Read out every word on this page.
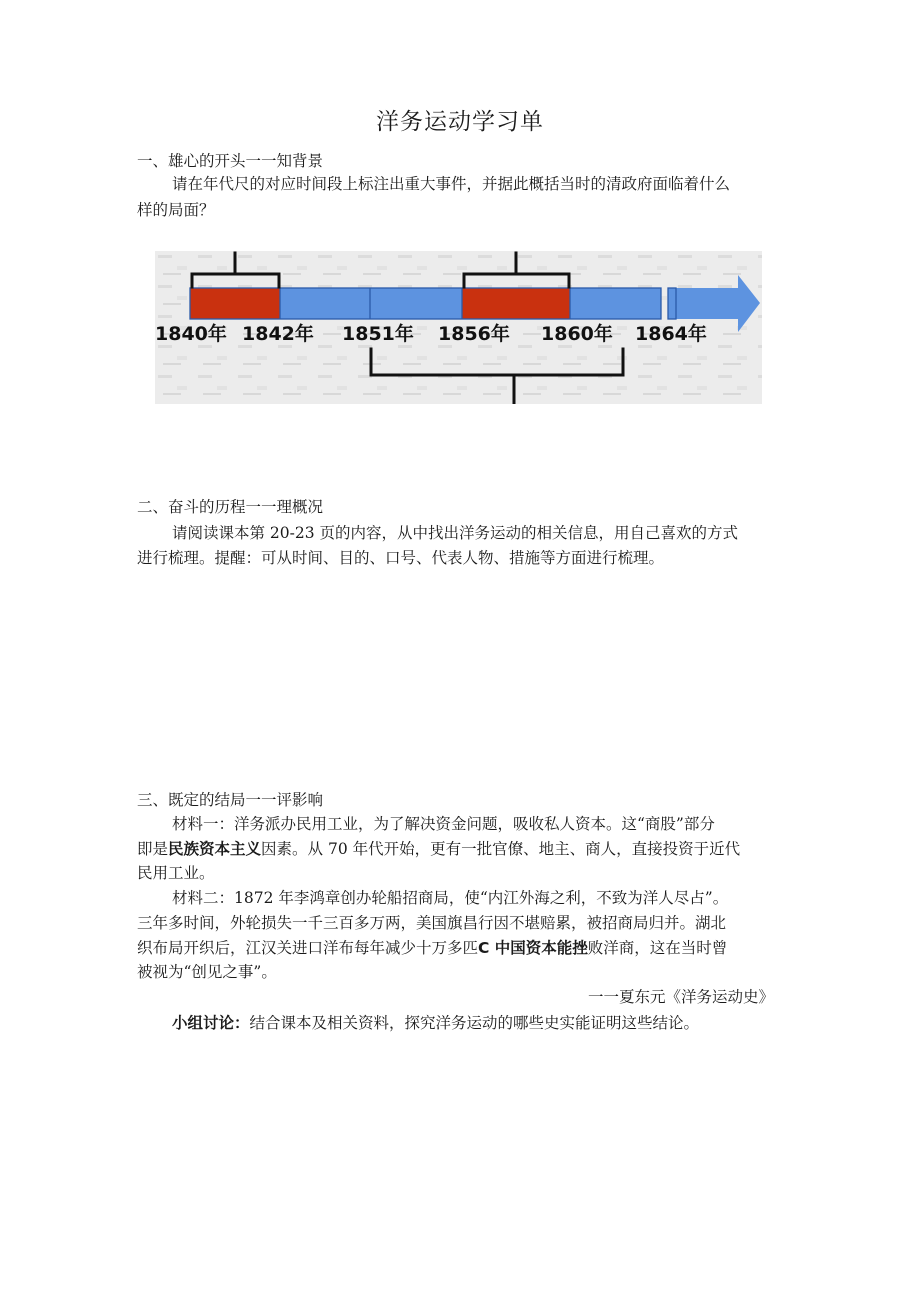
洋务运动学习单
一、雄心的开头一一知背景
请在年代尺的对应时间段上标注出重大事件，并据此概括当时的清政府面临着什么
样的局面？
1840年 1842年 1851年 1856年 1860年 1864年
二、奋斗的历程一一理概况
请阅读课本第 20-23 页的内容，从中找出洋务运动的相关信息，用自己喜欢的方式
进行梳理。提醒：可从时间、目的、口号、代表人物、措施等方面进行梳理。
三、既定的结局一一评影响
材料一：洋务派办民用工业，为了解决资金问题，吸收私人资本。这“商股”部分
即是民族资本主义因素。从 70 年代开始，更有一批官僚、地主、商人，直接投资于近代
民用工业。
材料二：1872 年李鸿章创办轮船招商局，使“内江外海之利，不致为洋人尽占”。
三年多时间，外轮损失一千三百多万两，美国旗昌行因不堪赔累，被招商局归并。湖北
织布局开织后，江汉关进口洋布每年减少十万多匹C 中国资本能挫败洋商，这在当时曾
被视为“创见之事”。
一一夏东元《洋务运动史》
小组讨论：结合课本及相关资料，探究洋务运动的哪些史实能证明这些结论。
